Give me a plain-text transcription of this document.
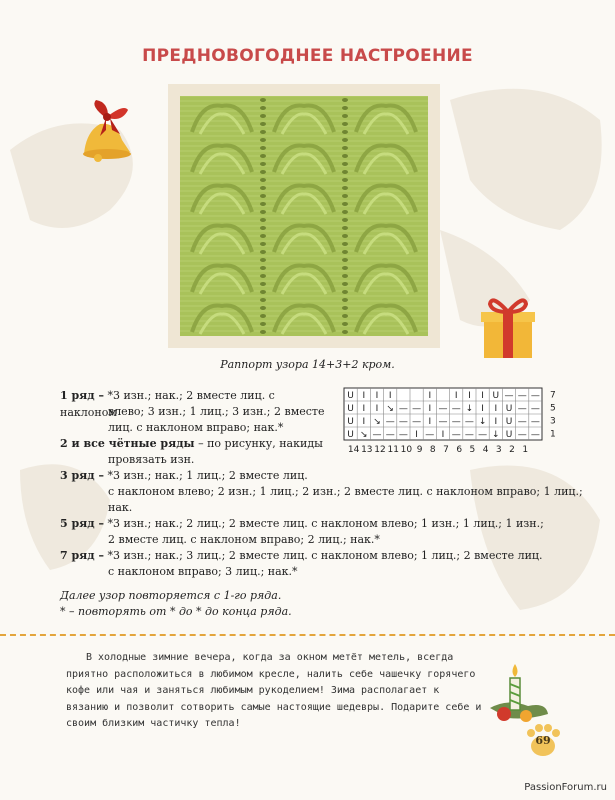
ПРЕДНОВОГОДНЕЕ НАСТРОЕНИЕ
Раппорт узора 14+3+2 кром.
1 ряд – *3 изн.; нак.; 2 вместе лиц. с наклоном
влево; 3 изн.; 1 лиц.; 3 изн.; 2 вместе
лиц. с наклоном вправо; нак.*
2 и все чётные ряды – по рисунку, накиды
провязать изн.
3 ряд – *3 изн.; нак.; 1 лиц.; 2 вместе лиц.
с наклоном влево; 2 изн.; 1 лиц.; 2 изн.; 2 вместе лиц. с наклоном вправо; 1 лиц.;
нак.
5 ряд – *3 изн.; нак.; 2 лиц.; 2 вместе лиц. с наклоном влево; 1 изн.; 1 лиц.; 1 изн.;
2 вместе лиц. с наклоном вправо; 2 лиц.; нак.*
7 ряд – *3 изн.; нак.; 3 лиц.; 2 вместе лиц. с наклоном влево; 1 лиц.; 2 вместе лиц.
с наклоном вправо; 3 лиц.; нак.*
Далее узор повторяется с 1-го ряда.
* – повторять от * до * до конца ряда.
U I I I	I	I I I U — — — 7
U I I ↘ — — I — — ↓ I I U — — 5
U I ↘ — — — I — — — ↓ I U — — 3
U ↘ — — — I — I — — — ↓ U — — 1
14 13 12 11 10 9 8 7 6 5 4 3 2 1
В холодные зимние вечера, когда за окном метёт метель, всегда приятно расположиться в любимом кресле, налить себе чашечку горячего кофе или чая и заняться любимым рукоделием! Зима располагает к вязанию и позволит сотворить самые настоящие шедевры. Подарите себе и своим близким частичку тепла!
69
PassionForum.ru
